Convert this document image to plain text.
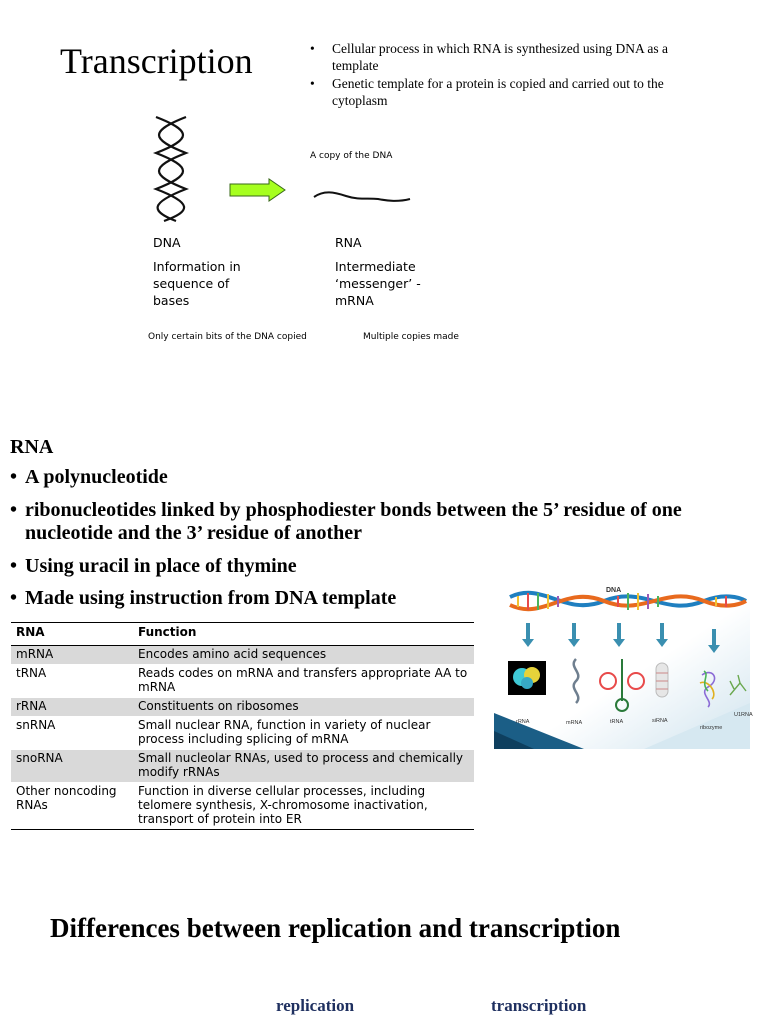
Transcription	• Cellular process in which RNA is synthesized using DNA as a template
• Genetic template for a protein is copied and carried out to the cytoplasm
A copy of the DNA
DNA
Information in sequence of bases
RNA
Intermediate ‘messenger’ - mRNA
Only certain bits of the DNA copied	Multiple copies made
RNA
• A polynucleotide
• ribonucleotides linked by phosphodiester bonds between the 5’ residue of one nucleotide and the 3’ residue of another
• Using uracil in place of thymine
• Made using instruction from DNA template
RNA	Function
mRNA	Encodes amino acid sequences
tRNA	Reads codes on mRNA and transfers appropriate AA to mRNA
rRNA	Constituents on ribosomes
snRNA	Small nuclear RNA, function in variety of nuclear process including splicing of mRNA
snoRNA	Small nucleolar RNAs, used to process and chemically modify rRNAs
Other noncoding RNAs	Function in diverse cellular processes, including telomere synthesis, X-chromosome inactivation, transport of protein into ER
DNA
rRNA	mRNA	tRNA	siRNA
ribozyme
U1RNA
Differences between replication and transcription
replication	transcription
